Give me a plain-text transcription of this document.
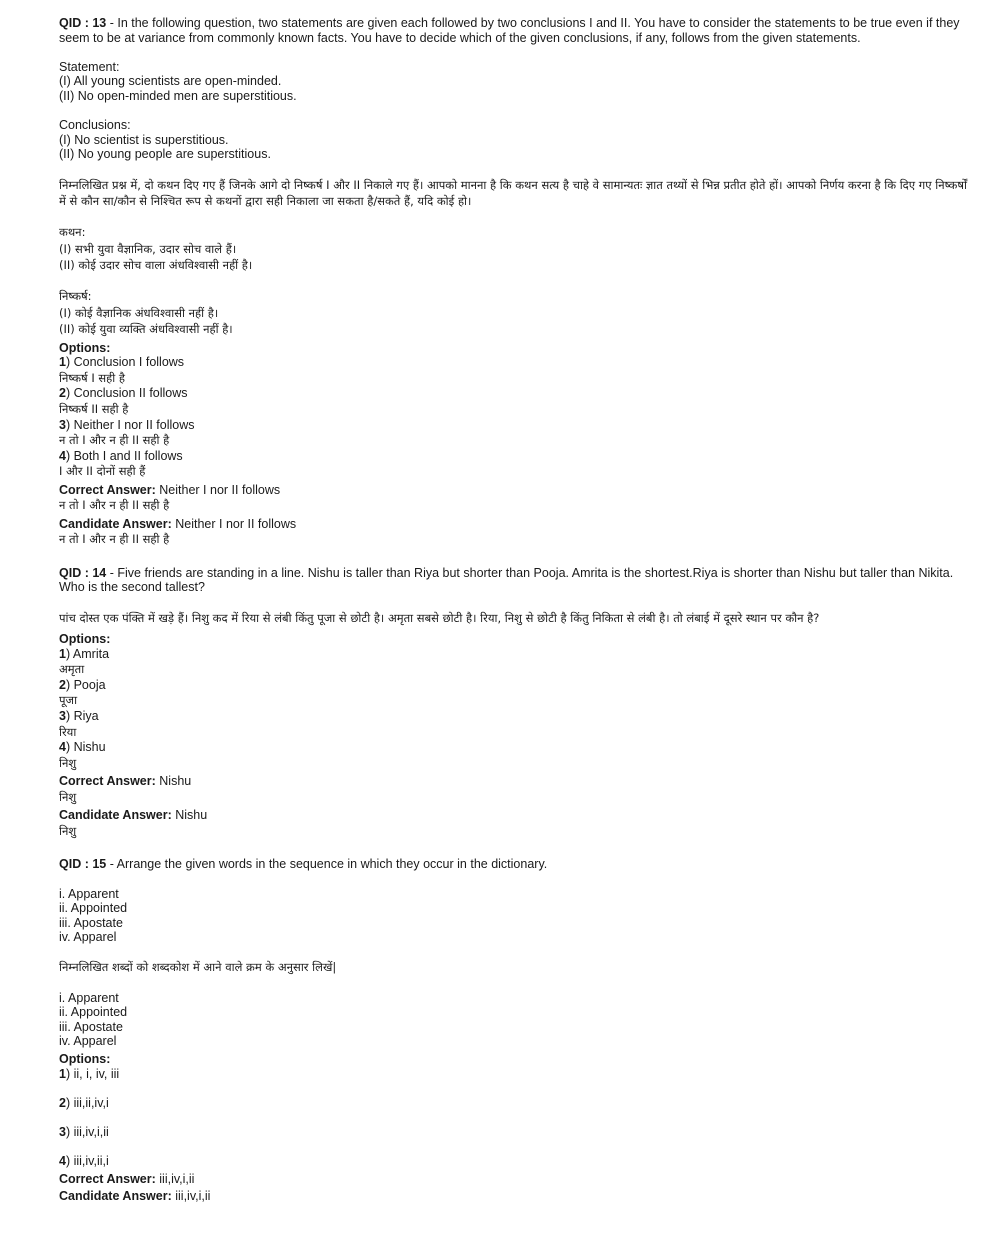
QID : 13 - In the following question, two statements are given each followed by two conclusions I and II. You have to consider the statements to be true even if they seem to be at variance from commonly known facts. You have to decide which of the given conclusions, if any, follows from the given statements.

Statement:
(I) All young scientists are open-minded.
(II) No open-minded men are superstitious.
Conclusions:
(I) No scientist is superstitious.
(II) No young people are superstitious.

निम्नलिखित प्रश्न में, दो कथन दिए गए हैं जिनके आगे दो निष्कर्ष I और II निकाले गए हैं। आपको मानना है कि कथन सत्य है चाहे वे सामान्यतः ज्ञात तथ्यों से भिन्न प्रतीत होते हों। आपको निर्णय करना है कि दिए गए निष्कर्षों में से कौन सा/कौन से निश्चित रूप से कथनों द्वारा सही निकाला जा सकता है/सकते हैं, यदि कोई हो।

कथन:
(I) सभी युवा वैज्ञानिक, उदार सोच वाले हैं।
(II) कोई उदार सोच वाला अंधविश्वासी नहीं है।
निष्कर्ष:
(I) कोई वैज्ञानिक अंधविश्वासी नहीं है।
(II) कोई युवा व्यक्ति अंधविश्वासी नहीं है।
Options:
1) Conclusion I follows
निष्कर्ष I सही है
2) Conclusion II follows
निष्कर्ष II सही है
3) Neither I nor II follows
न तो I और न ही II सही है
4) Both I and II follows
I और II दोनों सही हैं
Correct Answer: Neither I nor II follows
न तो I और न ही II सही है
Candidate Answer: Neither I nor II follows
न तो I और न ही II सही है

QID : 14 - Five friends are standing in a line. Nishu is taller than Riya but shorter than Pooja. Amrita is the shortest.Riya is shorter than Nishu but taller than Nikita. Who is the second tallest?

पांच दोस्त एक पंक्ति में खड़े हैं। निशु कद में रिया से लंबी किंतु पूजा से छोटी है। अमृता सबसे छोटी है। रिया, निशु से छोटी है किंतु निकिता से लंबी है। तो लंबाई में दूसरे स्थान पर कौन है?

Options:
1) Amrita
अमृता
2) Pooja
पूजा
3) Riya
रिया
4) Nishu
निशु
Correct Answer: Nishu
निशु
Candidate Answer: Nishu
निशु

QID : 15 - Arrange the given words in the sequence in which they occur in the dictionary.

i. Apparent
ii. Appointed
iii. Apostate
iv. Apparel

निम्नलिखित शब्दों को शब्दकोश में आने वाले क्रम के अनुसार लिखें|

i. Apparent
ii. Appointed
iii. Apostate
iv. Apparel
Options:
1) ii, i, iv, iii
2) iii,ii,iv,i
3) iii,iv,i,ii
4) iii,iv,ii,i
Correct Answer: iii,iv,i,ii
Candidate Answer: iii,iv,i,ii
